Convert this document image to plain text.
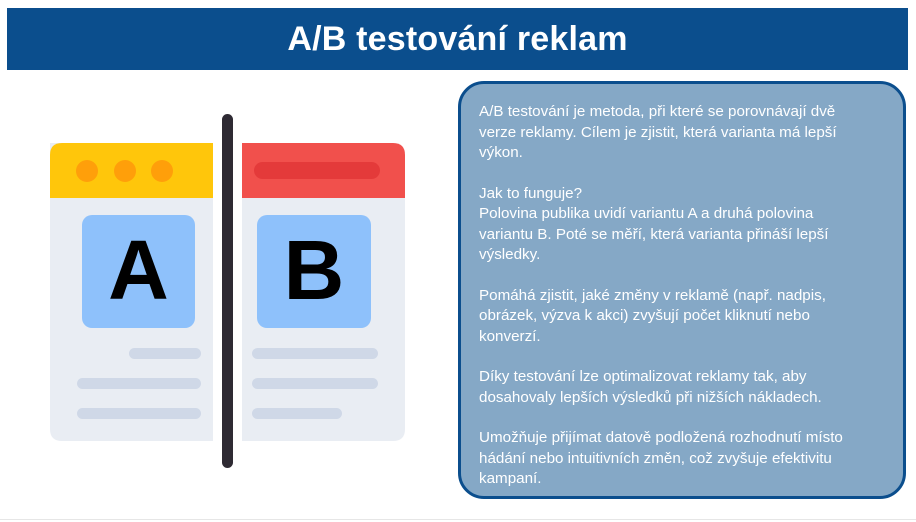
A/B testování reklam
A B

A/B testování je metoda, při které se porovnávají dvě
verze reklamy. Cílem je zjistit, která varianta má lepší
výkon.

Jak to funguje?
Polovina publika uvidí variantu A a druhá polovina
variantu B. Poté se měří, která varianta přináší lepší
výsledky.

Pomáhá zjistit, jaké změny v reklamě (např. nadpis,
obrázek, výzva k akci) zvyšují počet kliknutí nebo
konverzí.

Díky testování lze optimalizovat reklamy tak, aby
dosahovaly lepších výsledků při nižších nákladech.

Umožňuje přijímat datově podložená rozhodnutí místo
hádání nebo intuitivních změn, což zvyšuje efektivitu
kampaní.
